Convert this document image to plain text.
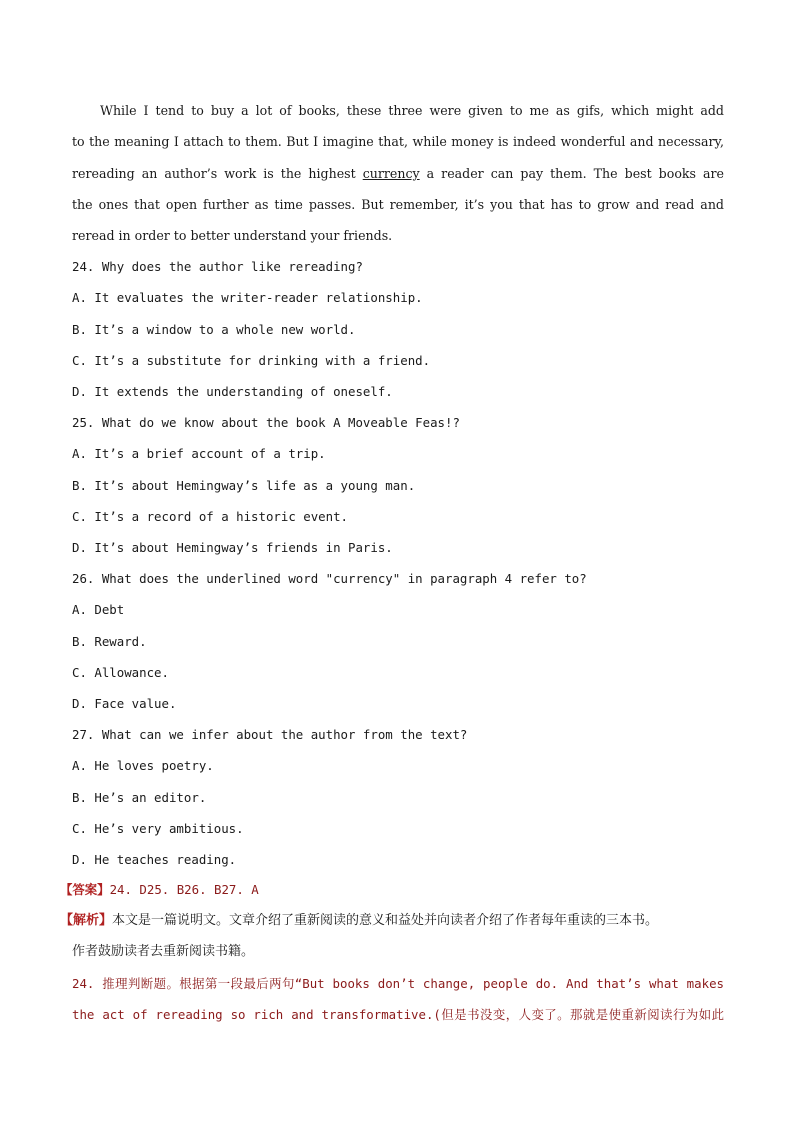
While I tend to buy a lot of books, these three were given to me as gifs, which might add
to the meaning I attach to them. But I imagine that, while money is indeed wonderful and necessary,
rereading an author’s work is the highest currency a reader can pay them. The best books are
the ones that open further as time passes. But remember, it’s you that has to grow and read and
reread in order to better understand your friends.
24. Why does the author like rereading?
A. It evaluates the writer-reader relationship.
B. It’s a window to a whole new world.
C. It’s a substitute for drinking with a friend.
D. It extends the understanding of oneself.
25. What do we know about the book A Moveable Feas!?
A. It’s a brief account of a trip.
B. It’s about Hemingway’s life as a young man.
C. It’s a record of a historic event.
D. It’s about Hemingway’s friends in Paris.
26. What does the underlined word "currency" in paragraph 4 refer to?
A. Debt
B. Reward.
C. Allowance.
D. Face value.
27. What can we infer about the author from the text?
A. He loves poetry.
B. He’s an editor.
C. He’s very ambitious.
D. He teaches reading.
【答案】24. D25. B26. B27. A
【解析】本文是一篇说明文。文章介绍了重新阅读的意义和益处并向读者介绍了作者每年重读的三本书。
作者鼓励读者去重新阅读书籍。
24. 推理判断题。根据第一段最后两句“But books don’t change, people do. And that’s what makes
the act of rereading so rich and transformative.(但是书没变，人变了。那就是使重新阅读行为如此
